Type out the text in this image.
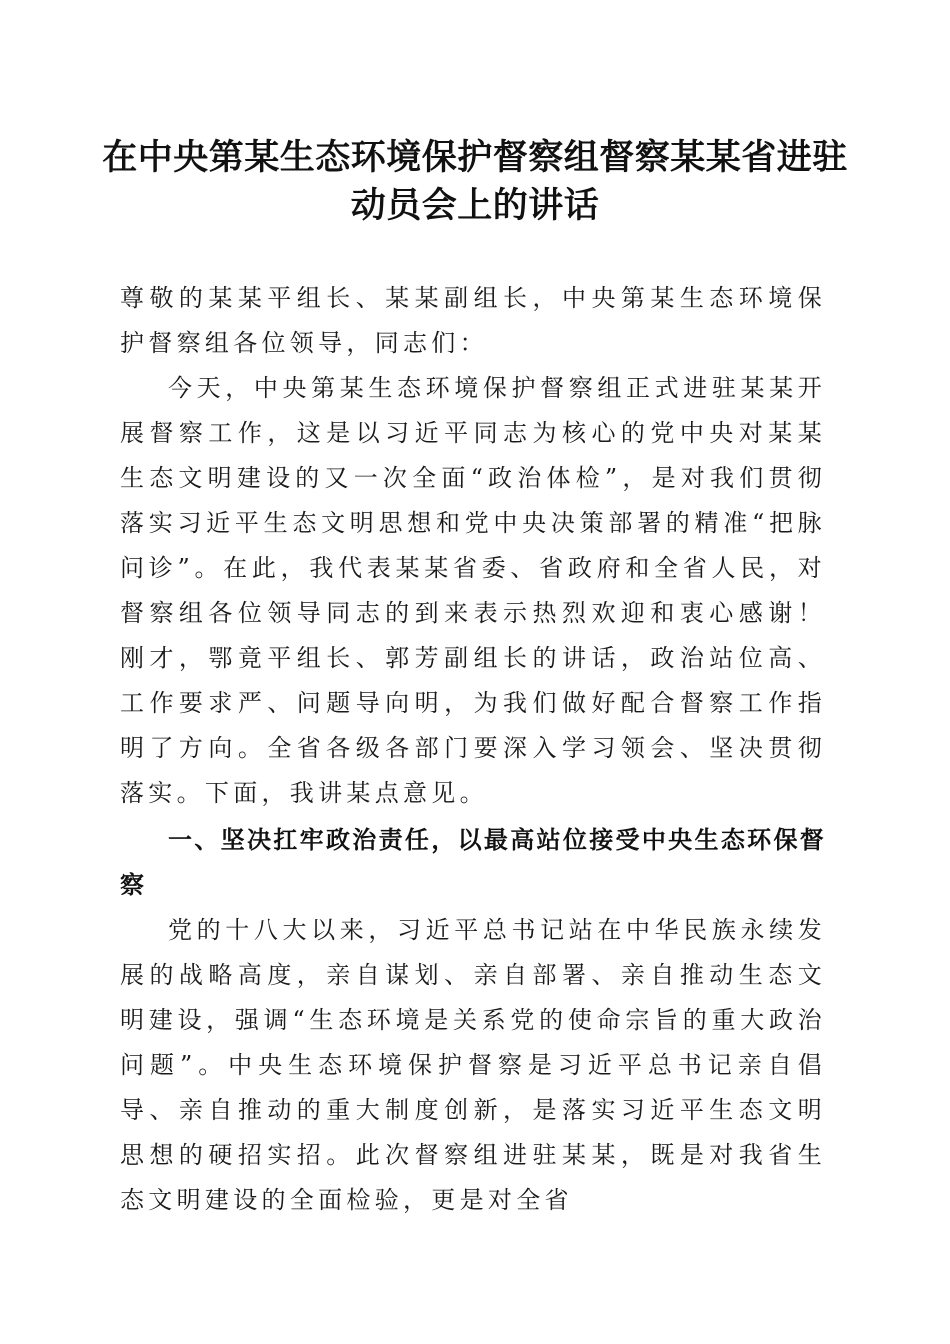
在中央第某生态环境保护督察组督察某某省进驻动员会上的讲话

尊敬的某某平组长、某某副组长，中央第某生态环境保护督察组各位领导，同志们：

今天，中央第某生态环境保护督察组正式进驻某某开展督察工作，这是以习近平同志为核心的党中央对某某生态文明建设的又一次全面“政治体检”，是对我们贯彻落实习近平生态文明思想和党中央决策部署的精准“把脉问诊”。在此，我代表某某省委、省政府和全省人民，对督察组各位领导同志的到来表示热烈欢迎和衷心感谢！刚才，鄂竟平组长、郭芳副组长的讲话，政治站位高、工作要求严、问题导向明，为我们做好配合督察工作指明了方向。全省各级各部门要深入学习领会、坚决贯彻落实。下面，我讲某点意见。

一、坚决扛牢政治责任，以最高站位接受中央生态环保督察

党的十八大以来，习近平总书记站在中华民族永续发展的战略高度，亲自谋划、亲自部署、亲自推动生态文明建设，强调“生态环境是关系党的使命宗旨的重大政治问题”。中央生态环境保护督察是习近平总书记亲自倡导、亲自推动的重大制度创新，是落实习近平生态文明思想的硬招实招。此次督察组进驻某某，既是对我省生态文明建设的全面检验，更是对全省
